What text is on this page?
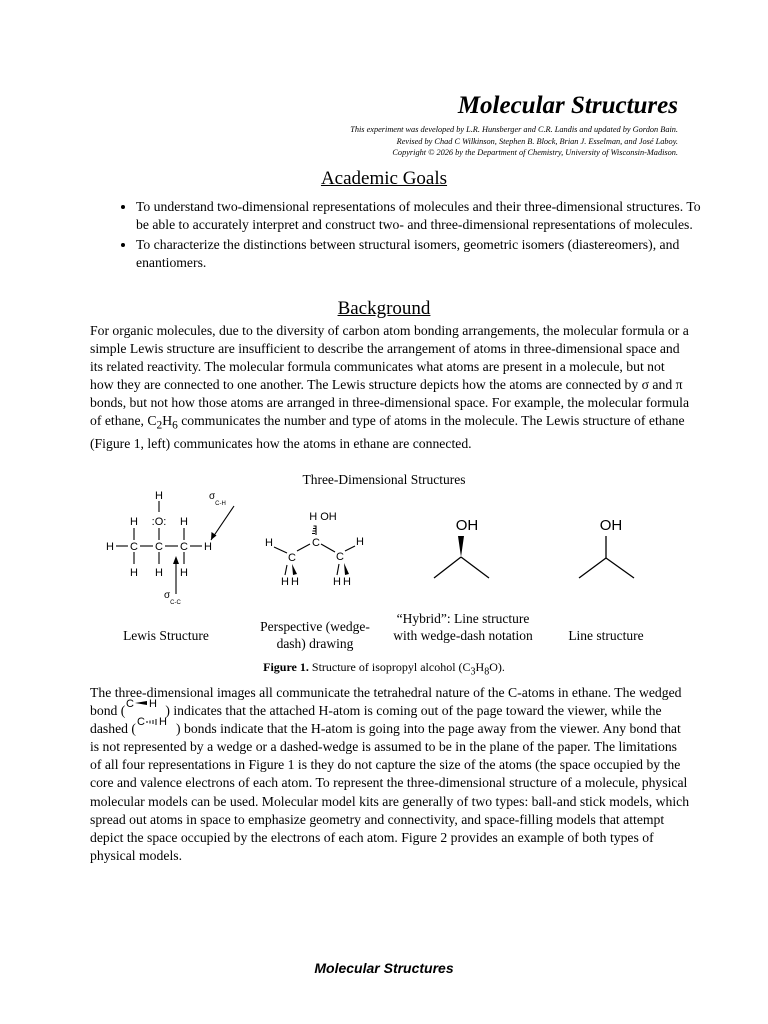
Molecular Structures
This experiment was developed by L.R. Hunsberger and C.R. Landis and updated by Gordon Bain.
Revised by Chad C Wilkinson, Stephen B. Block, Brian J. Esselman, and José Laboy.
Copyright © 2026 by the Department of Chemistry, University of Wisconsin-Madison.
Academic Goals
• To understand two-dimensional representations of molecules and their three-dimensional structures. To be able to accurately interpret and construct two- and three-dimensional representations of molecules.
• To characterize the distinctions between structural isomers, geometric isomers (diastereomers), and enantiomers.
Background

For organic molecules, due to the diversity of carbon atom bonding arrangements, the molecular formula or a simple Lewis structure are insufficient to describe the arrangement of atoms in three-dimensional space and its related reactivity. The molecular formula communicates what atoms are present in a molecule, but not how they are connected to one another. The Lewis structure depicts how the atoms are connected by σ and π bonds, but not how those atoms are arranged in three-dimensional space. For example, the molecular formula of ethane, $C_2H_6$ communicates the number and type of atoms in the molecule. The Lewis structure of ethane (Figure 1, left) communicates how the atoms in ethane are connected.

Three-Dimensional Structures
H
H :O: H
H C C C H
H H H
$\sigma_{C-H}$
$\sigma_{C-C}$
H OH
H
C
C
C
H
H H	H H
OH	OH
Lewis Structure
Perspective (wedge-dash) drawing
“Hybrid”: Line structure with wedge-dash notation	Line structure
Figure 1. Structure of isopropyl alcohol $(C_3H_8O)$.

The three-dimensional images all communicate the tetrahedral nature of the C-atoms in ethane. The wedged bond ( C H ) indicates that the attached H-atom is coming out of the page toward the viewer, while the dashed ( C H ) bonds indicate that the H-atom is going into the page away from the viewer. Any bond that is not represented by a wedge or a dashed-wedge is assumed to be in the plane of the paper. The limitations of all four representations in Figure 1 is they do not capture the size of the atoms (the space occupied by the core and valence electrons of each atom. To represent the three-dimensional structure of a molecule, physical molecular models can be used. Molecular model kits are generally of two types: ball-and stick models, which spread out atoms in space to emphasize geometry and connectivity, and space-filling models that attempt depict the space occupied by the electrons of each atom. Figure 2 provides an example of both types of physical models.

Molecular Structures
